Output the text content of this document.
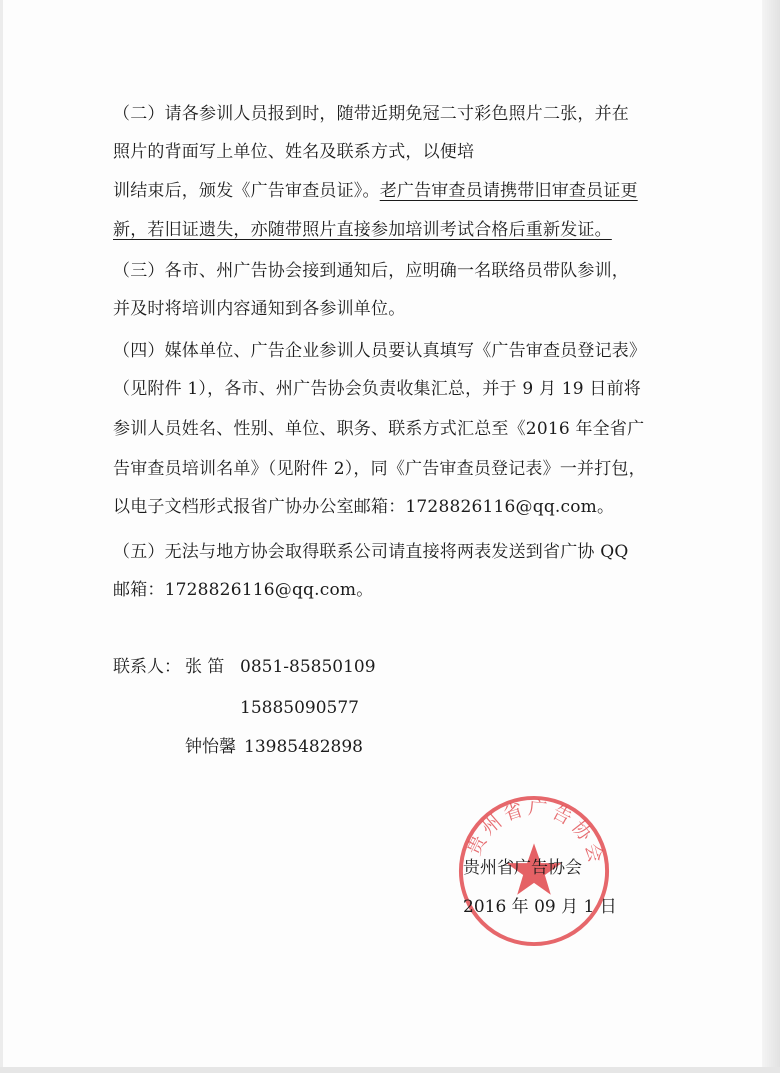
（二）请各参训人员报到时，随带近期免冠二寸彩色照片二张，并在
照片的背面写上单位、姓名及联系方式，以便培
训结束后，颁发《广告审查员证》。老广告审查员请携带旧审查员证更
新，若旧证遗失，亦随带照片直接参加培训考试合格后重新发证。
（三）各市、州广告协会接到通知后，应明确一名联络员带队参训，
并及时将培训内容通知到各参训单位。
（四）媒体单位、广告企业参训人员要认真填写《广告审查员登记表》
（见附件 1），各市、州广告协会负责收集汇总，并于 9 月 19 日前将
参训人员姓名、性别、单位、职务、联系方式汇总至《2016 年全省广
告审查员培训名单》（见附件 2），同《广告审查员登记表》一并打包，
以电子文档形式报省广协办公室邮箱：1728826116@qq.com。
（五）无法与地方协会取得联系公司请直接将两表发送到省广协 QQ
邮箱：1728826116@qq.com。
联系人： 张 笛 0851-85850109
15885090577
钟怡馨 13985482898
贵州省广告协会
贵州省广告协会
2016 年 09 月 1 日
